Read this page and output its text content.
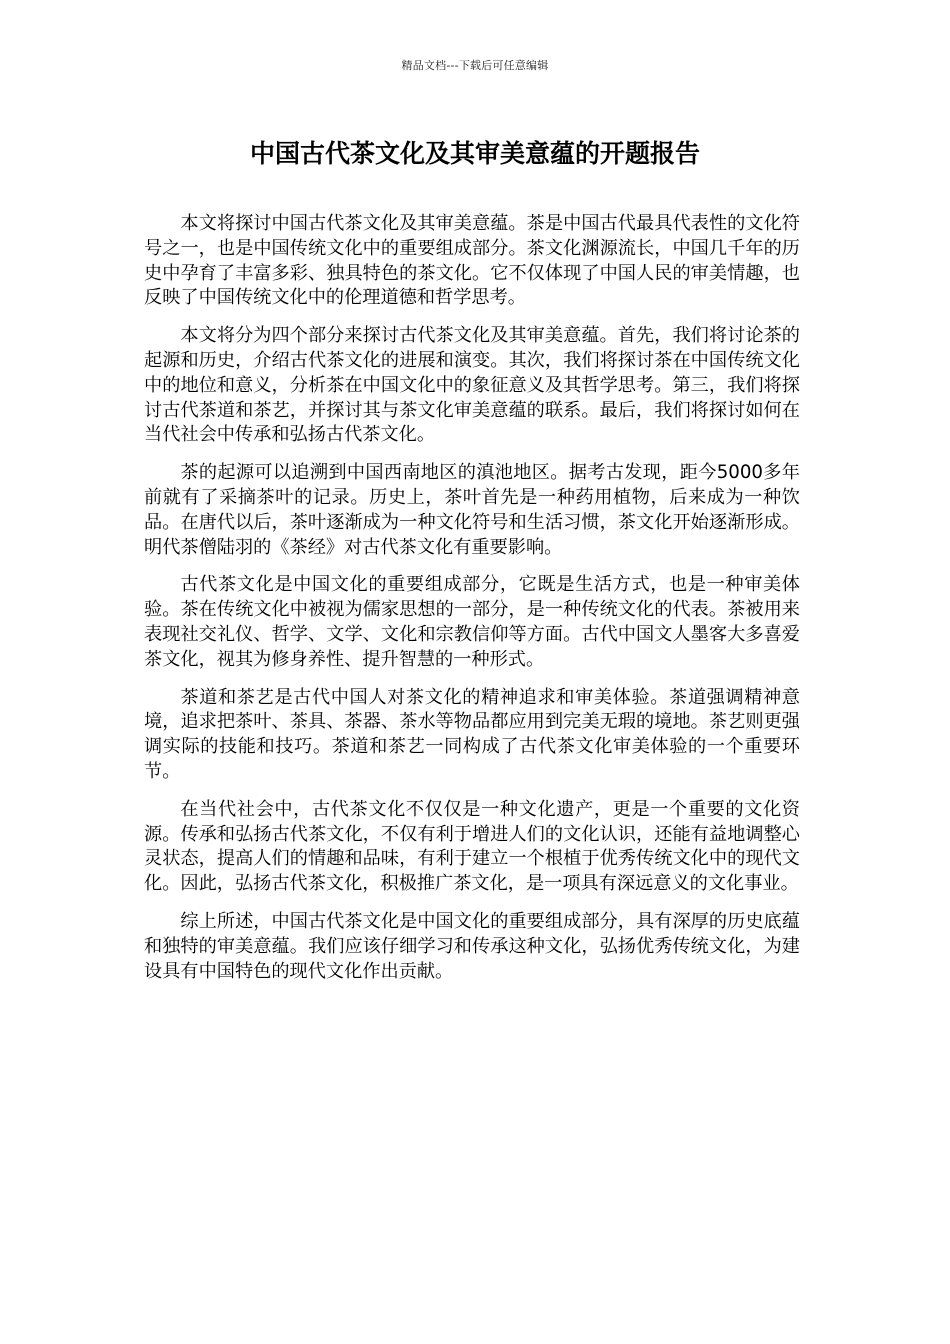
精品文档---下载后可任意编辑
中国古代茶文化及其审美意蕴的开题报告

本文将探讨中国古代茶文化及其审美意蕴。茶是中国古代最具代表性的文化符号之一，也是中国传统文化中的重要组成部分。茶文化渊源流长，中国几千年的历史中孕育了丰富多彩、独具特色的茶文化。它不仅体现了中国人民的审美情趣，也反映了中国传统文化中的伦理道德和哲学思考。

本文将分为四个部分来探讨古代茶文化及其审美意蕴。首先，我们将讨论茶的起源和历史，介绍古代茶文化的进展和演变。其次，我们将探讨茶在中国传统文化中的地位和意义，分析茶在中国文化中的象征意义及其哲学思考。第三，我们将探讨古代茶道和茶艺，并探讨其与茶文化审美意蕴的联系。最后，我们将探讨如何在当代社会中传承和弘扬古代茶文化。

茶的起源可以追溯到中国西南地区的滇池地区。据考古发现，距今5000多年前就有了采摘茶叶的记录。历史上，茶叶首先是一种药用植物，后来成为一种饮品。在唐代以后，茶叶逐渐成为一种文化符号和生活习惯，茶文化开始逐渐形成。明代茶僧陆羽的《茶经》对古代茶文化有重要影响。

古代茶文化是中国文化的重要组成部分，它既是生活方式，也是一种审美体验。茶在传统文化中被视为儒家思想的一部分，是一种传统文化的代表。茶被用来表现社交礼仪、哲学、文学、文化和宗教信仰等方面。古代中国文人墨客大多喜爱茶文化，视其为修身养性、提升智慧的一种形式。

茶道和茶艺是古代中国人对茶文化的精神追求和审美体验。茶道强调精神意境，追求把茶叶、茶具、茶器、茶水等物品都应用到完美无瑕的境地。茶艺则更强调实际的技能和技巧。茶道和茶艺一同构成了古代茶文化审美体验的一个重要环节。

在当代社会中，古代茶文化不仅仅是一种文化遗产，更是一个重要的文化资源。传承和弘扬古代茶文化，不仅有利于增进人们的文化认识，还能有益地调整心灵状态，提高人们的情趣和品味，有利于建立一个根植于优秀传统文化中的现代文化。因此，弘扬古代茶文化，积极推广茶文化，是一项具有深远意义的文化事业。

综上所述，中国古代茶文化是中国文化的重要组成部分，具有深厚的历史底蕴和独特的审美意蕴。我们应该仔细学习和传承这种文化，弘扬优秀传统文化，为建设具有中国特色的现代文化作出贡献。
